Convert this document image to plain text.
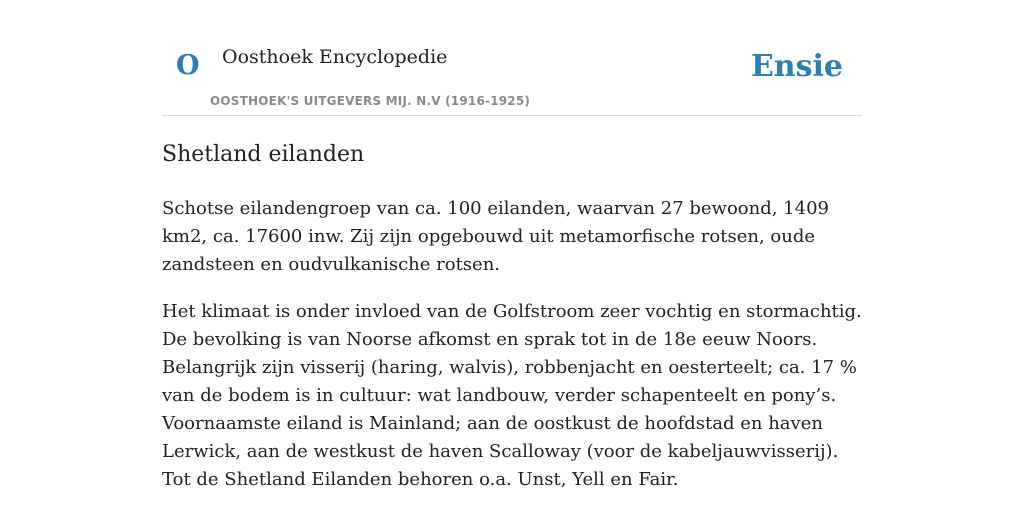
O Oosthoek Encyclopedie
OOSTHOEK'S UITGEVERS MIJ. N.V (1916-1925)
Ensie
Shetland eilanden

Schotse eilandengroep van ca. 100 eilanden, waarvan 27 bewoond, 1409 km2, ca. 17600 inw. Zij zijn opgebouwd uit metamorfische rotsen, oude zandsteen en oudvulkanische rotsen.

Het klimaat is onder invloed van de Golfstroom zeer vochtig en stormachtig. De bevolking is van Noorse afkomst en sprak tot in de 18e eeuw Noors. Belangrijk zijn visserij (haring, walvis), robbenjacht en oesterteelt; ca. 17 % van de bodem is in cultuur: wat landbouw, verder schapenteelt en pony’s. Voornaamste eiland is Mainland; aan de oostkust de hoofdstad en haven Lerwick, aan de westkust de haven Scalloway (voor de kabeljauwvisserij). Tot de Shetland Eilanden behoren o.a. Unst, Yell en Fair.
